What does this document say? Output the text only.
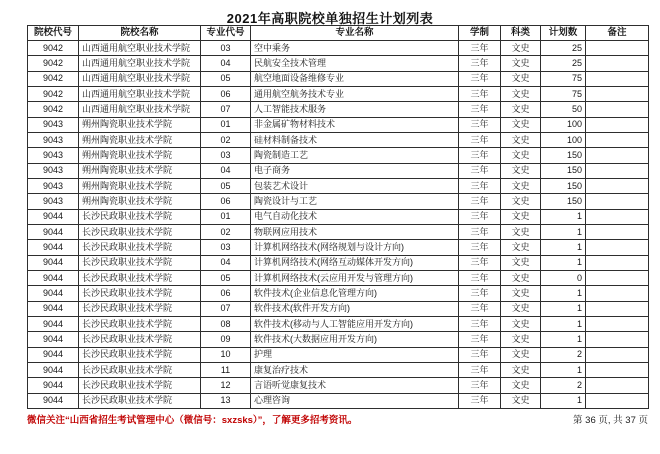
2021年高职院校单独招生计划列表
院校代号	院校名称	专业代号	专业名称	学制	科类	计划数	备注
9042	山西通用航空职业技术学院	03	空中乘务	三年	文史	25	
9042	山西通用航空职业技术学院	04	民航安全技术管理	三年	文史	25	
9042	山西通用航空职业技术学院	05	航空地面设备维修专业	三年	文史	75	
9042	山西通用航空职业技术学院	06	通用航空航务技术专业	三年	文史	75	
9042	山西通用航空职业技术学院	07	人工智能技术服务	三年	文史	50	
9043	朔州陶瓷职业技术学院	01	非金属矿物材料技术	三年	文史	100	
9043	朔州陶瓷职业技术学院	02	硅材料制备技术	三年	文史	100	
9043	朔州陶瓷职业技术学院	03	陶瓷制造工艺	三年	文史	150	
9043	朔州陶瓷职业技术学院	04	电子商务	三年	文史	150	
9043	朔州陶瓷职业技术学院	05	包装艺术设计	三年	文史	150	
9043	朔州陶瓷职业技术学院	06	陶瓷设计与工艺	三年	文史	150	
9044	长沙民政职业技术学院	01	电气自动化技术	三年	文史	1	
9044	长沙民政职业技术学院	02	物联网应用技术	三年	文史	1	
9044	长沙民政职业技术学院	03	计算机网络技术(网络规划与设计方向)	三年	文史	1	
9044	长沙民政职业技术学院	04	计算机网络技术(网络互动媒体开发方向)	三年	文史	1	
9044	长沙民政职业技术学院	05	计算机网络技术(云应用开发与管理方向)	三年	文史	0	
9044	长沙民政职业技术学院	06	软件技术(企业信息化管理方向)	三年	文史	1	
9044	长沙民政职业技术学院	07	软件技术(软件开发方向)	三年	文史	1	
9044	长沙民政职业技术学院	08	软件技术(移动与人工智能应用开发方向)	三年	文史	1	
9044	长沙民政职业技术学院	09	软件技术(大数据应用开发方向)	三年	文史	1	
9044	长沙民政职业技术学院	10	护理	三年	文史	2	
9044	长沙民政职业技术学院	11	康复治疗技术	三年	文史	1	
9044	长沙民政职业技术学院	12	言语听觉康复技术	三年	文史	2	
9044	长沙民政职业技术学院	13	心理咨询	三年	文史	1	
微信关注“山西省招生考试管理中心（微信号：sxzsks）”，了解更多招考资讯。	第 36 页, 共 37 页
